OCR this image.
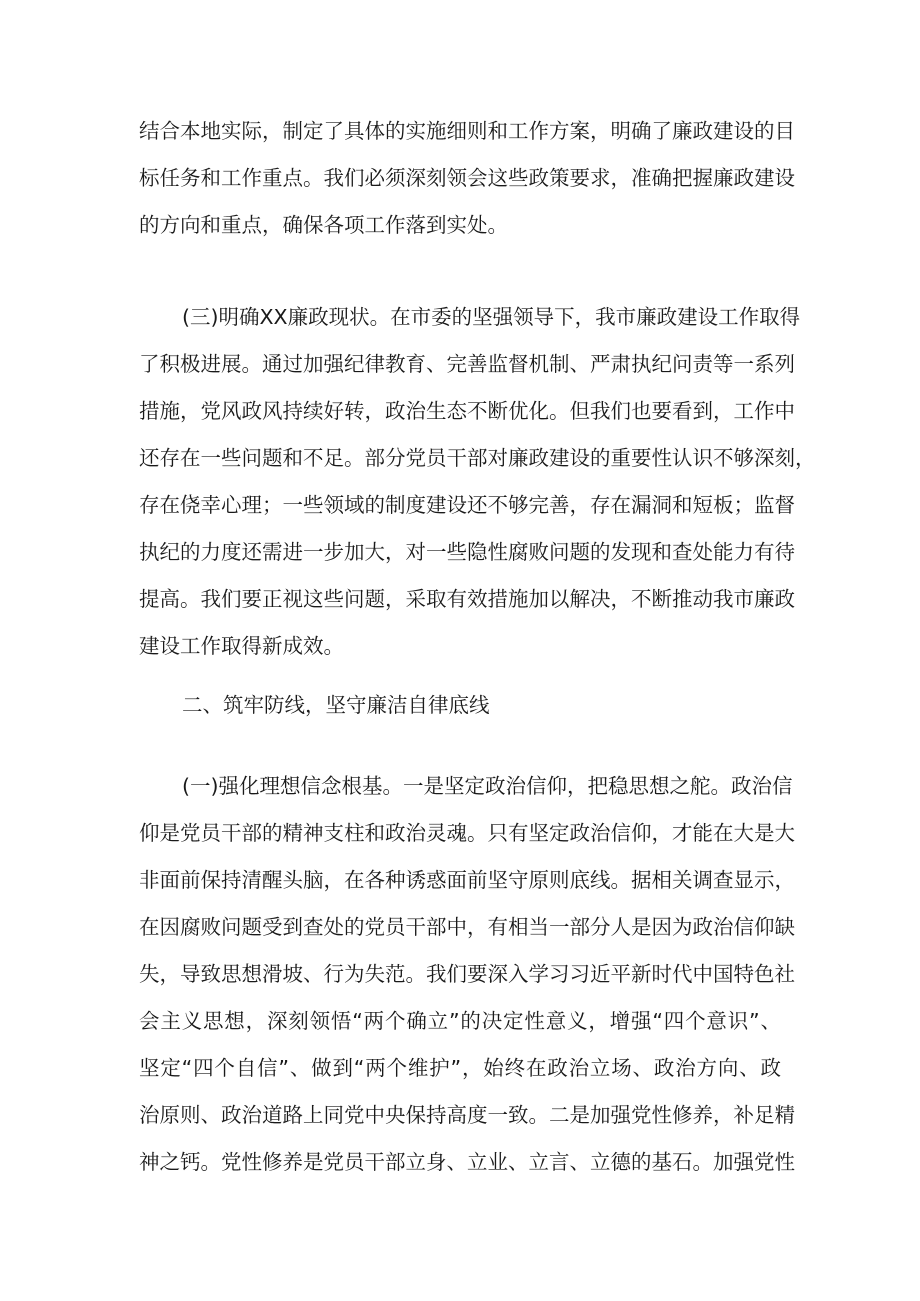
结合本地实际，制定了具体的实施细则和工作方案，明确了廉政建设的目
标任务和工作重点。我们必须深刻领会这些政策要求，准确把握廉政建设
的方向和重点，确保各项工作落到实处。
(三)明确XX廉政现状。在市委的坚强领导下，我市廉政建设工作取得
了积极进展。通过加强纪律教育、完善监督机制、严肃执纪问责等一系列
措施，党风政风持续好转，政治生态不断优化。但我们也要看到，工作中
还存在一些问题和不足。部分党员干部对廉政建设的重要性认识不够深刻，
存在侥幸心理；一些领域的制度建设还不够完善，存在漏洞和短板；监督
执纪的力度还需进一步加大，对一些隐性腐败问题的发现和查处能力有待
提高。我们要正视这些问题，采取有效措施加以解决，不断推动我市廉政
建设工作取得新成效。
二、筑牢防线，坚守廉洁自律底线
(一)强化理想信念根基。一是坚定政治信仰，把稳思想之舵。政治信
仰是党员干部的精神支柱和政治灵魂。只有坚定政治信仰，才能在大是大
非面前保持清醒头脑，在各种诱惑面前坚守原则底线。据相关调查显示，
在因腐败问题受到查处的党员干部中，有相当一部分人是因为政治信仰缺
失，导致思想滑坡、行为失范。我们要深入学习习近平新时代中国特色社
会主义思想，深刻领悟“两个确立”的决定性意义，增强“四个意识”、
坚定“四个自信”、做到“两个维护”，始终在政治立场、政治方向、政
治原则、政治道路上同党中央保持高度一致。二是加强党性修养，补足精
神之钙。党性修养是党员干部立身、立业、立言、立德的基石。加强党性
